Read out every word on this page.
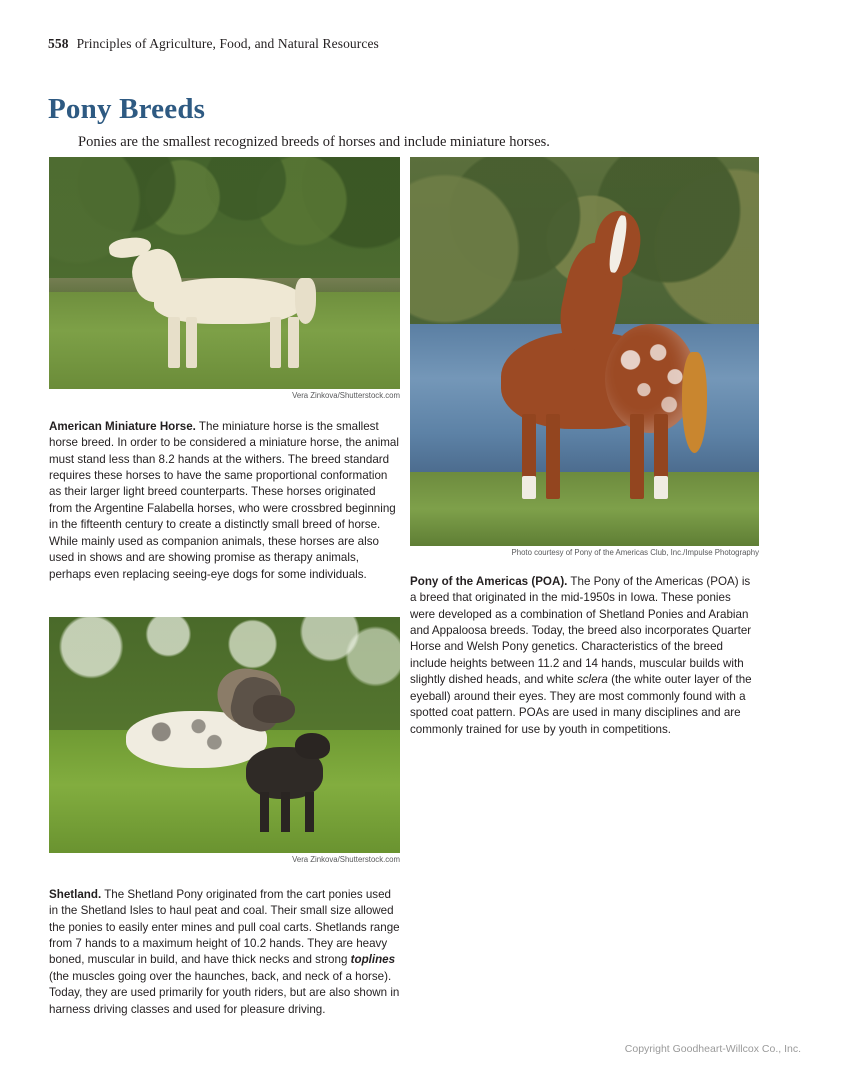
558 Principles of Agriculture, Food, and Natural Resources
Pony Breeds

Ponies are the smallest recognized breeds of horses and include miniature horses.

Vera Zinkova/Shutterstock.com
Photo courtesy of Pony of the Americas Club, Inc./Impulse Photography
Vera Zinkova/Shutterstock.com

American Miniature Horse. The miniature horse is the smallest horse breed. In order to be considered a miniature horse, the animal must stand less than 8.2 hands at the withers. The breed standard requires these horses to have the same proportional conformation as their larger light breed counterparts. These horses originated from the Argentine Falabella horses, who were crossbred beginning in the fifteenth century to create a distinctly small breed of horse. While mainly used as companion animals, these horses are also used in shows and are showing promise as therapy animals, perhaps even replacing seeing-eye dogs for some individuals.

Pony of the Americas (POA). The Pony of the Americas (POA) is a breed that originated in the mid-1950s in Iowa. These ponies were developed as a combination of Shetland Ponies and Arabian and Appaloosa breeds. Today, the breed also incorporates Quarter Horse and Welsh Pony genetics. Characteristics of the breed include heights between 11.2 and 14 hands, muscular builds with slightly dished heads, and white sclera (the white outer layer of the eyeball) around their eyes. They are most commonly found with a spotted coat pattern. POAs are used in many disciplines and are commonly trained for use by youth in competitions.

Shetland. The Shetland Pony originated from the cart ponies used in the Shetland Isles to haul peat and coal. Their small size allowed the ponies to easily enter mines and pull coal carts. Shetlands range from 7 hands to a maximum height of 10.2 hands. They are heavy boned, muscular in build, and have thick necks and strong toplines (the muscles going over the haunches, back, and neck of a horse). Today, they are used primarily for youth riders, but are also shown in harness driving classes and used for pleasure driving.

Copyright Goodheart-Willcox Co., Inc.
